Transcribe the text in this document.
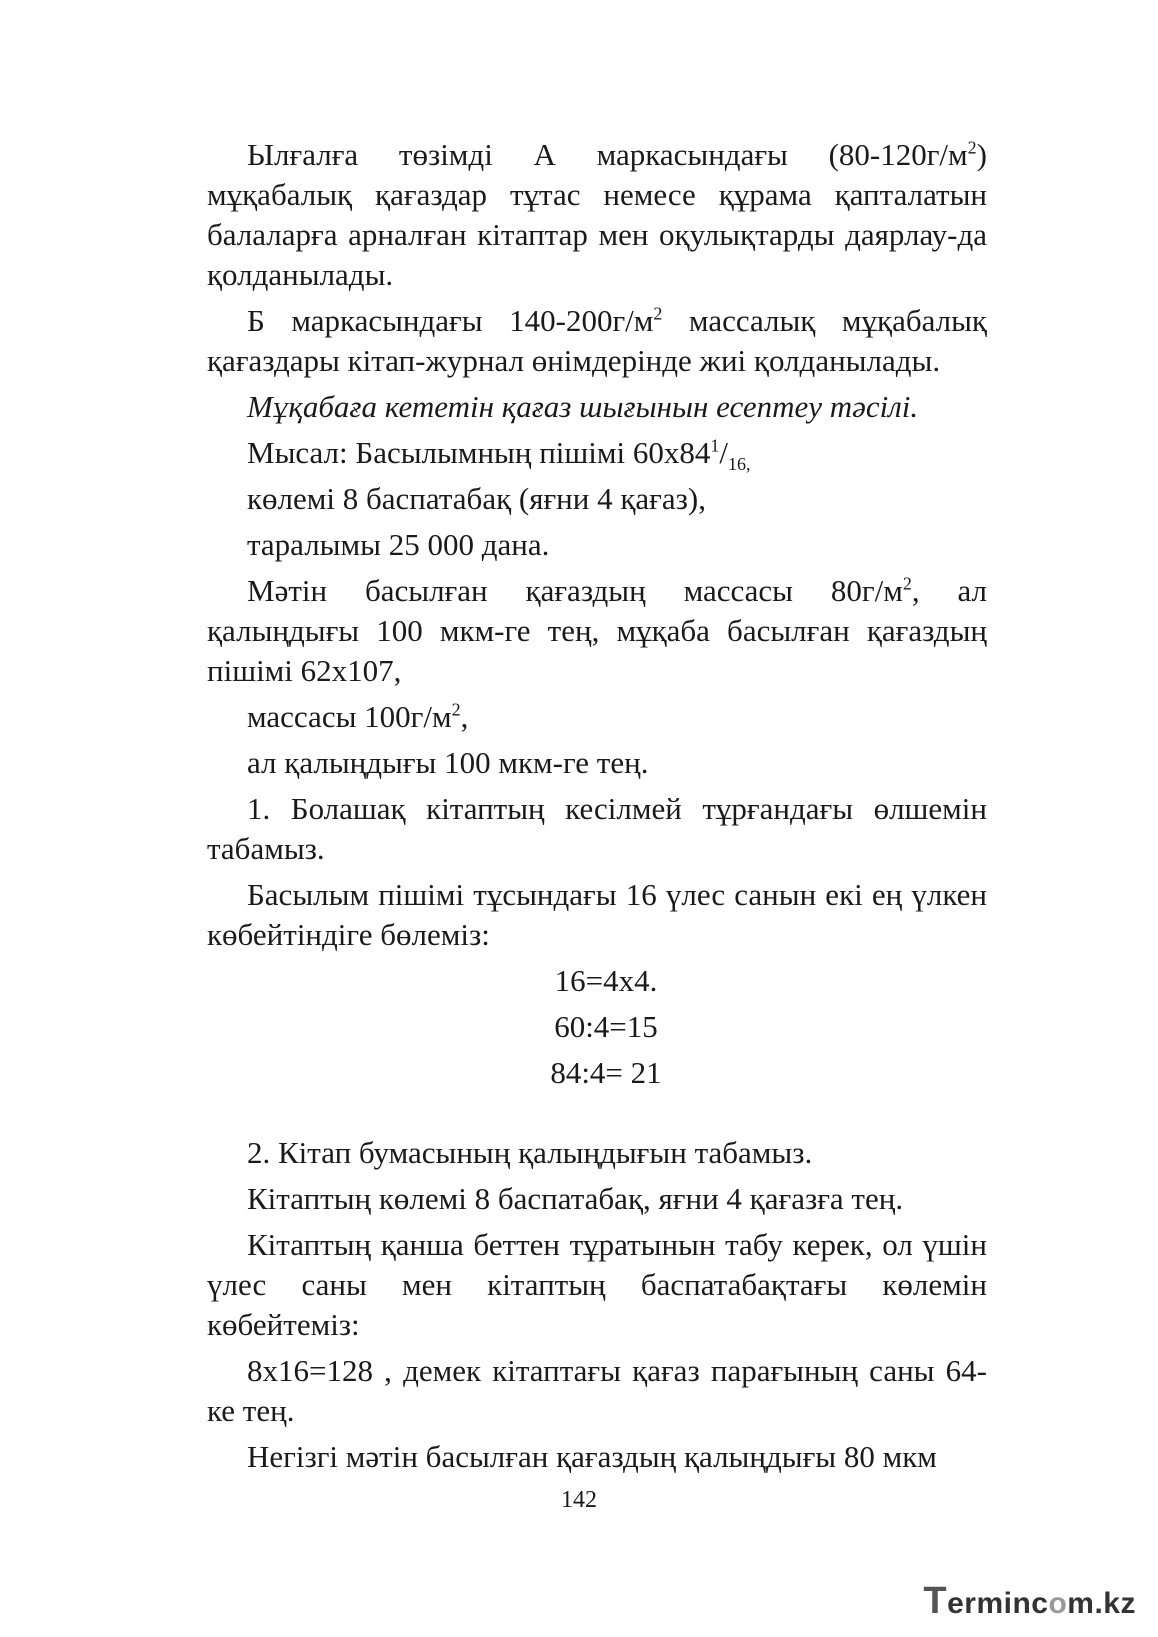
Ылғалға төзімді А маркасындағы $(80-120г/м^2)$ мұқабалық қағаздар тұтас немесе құрама қапталатын балаларға арналған кітаптар мен оқулықтарды даярлау-да қолданылады.

Б маркасындағы $140-200г/м^2$ массалық мұқабалық қағаздары кітап-журнал өнімдерінде жиі қолданылады.

Мұқабаға кететін қағаз шығынын есептеу тәсілі.

Мысал: Басылымның пішімі $60х84^1/_{16,}$

көлемі 8 баспатабақ (яғни 4 қағаз),

таралымы 25 000 дана.

Мәтін басылған қағаздың массасы $80г/м^2$, ал қалыңдығы 100 мкм-ге тең, мұқаба басылған қағаздың пішімі 62х107,

массасы $100г/м^2$,

ал қалыңдығы 100 мкм-ге тең.

1. Болашақ кітаптың кесілмей тұрғандағы өлшемін табамыз.

Басылым пішімі тұсындағы 16 үлес санын екі ең үлкен көбейтіндіге бөлеміз:

16=4х4.

60:4=15

84:4= 21

2. Кітап бумасының қалыңдығын табамыз.

Кітаптың көлемі 8 баспатабақ, яғни 4 қағазға тең.

Кітаптың қанша беттен тұратынын табу керек, ол үшін үлес саны мен кітаптың баспатабақтағы көлемін көбейтеміз:

8х16=128 , демек кітаптағы қағаз парағының саны 64-ке тең.

Негізгі мәтін басылған қағаздың қалыңдығы 80 мкм

142
Termincom.kz
